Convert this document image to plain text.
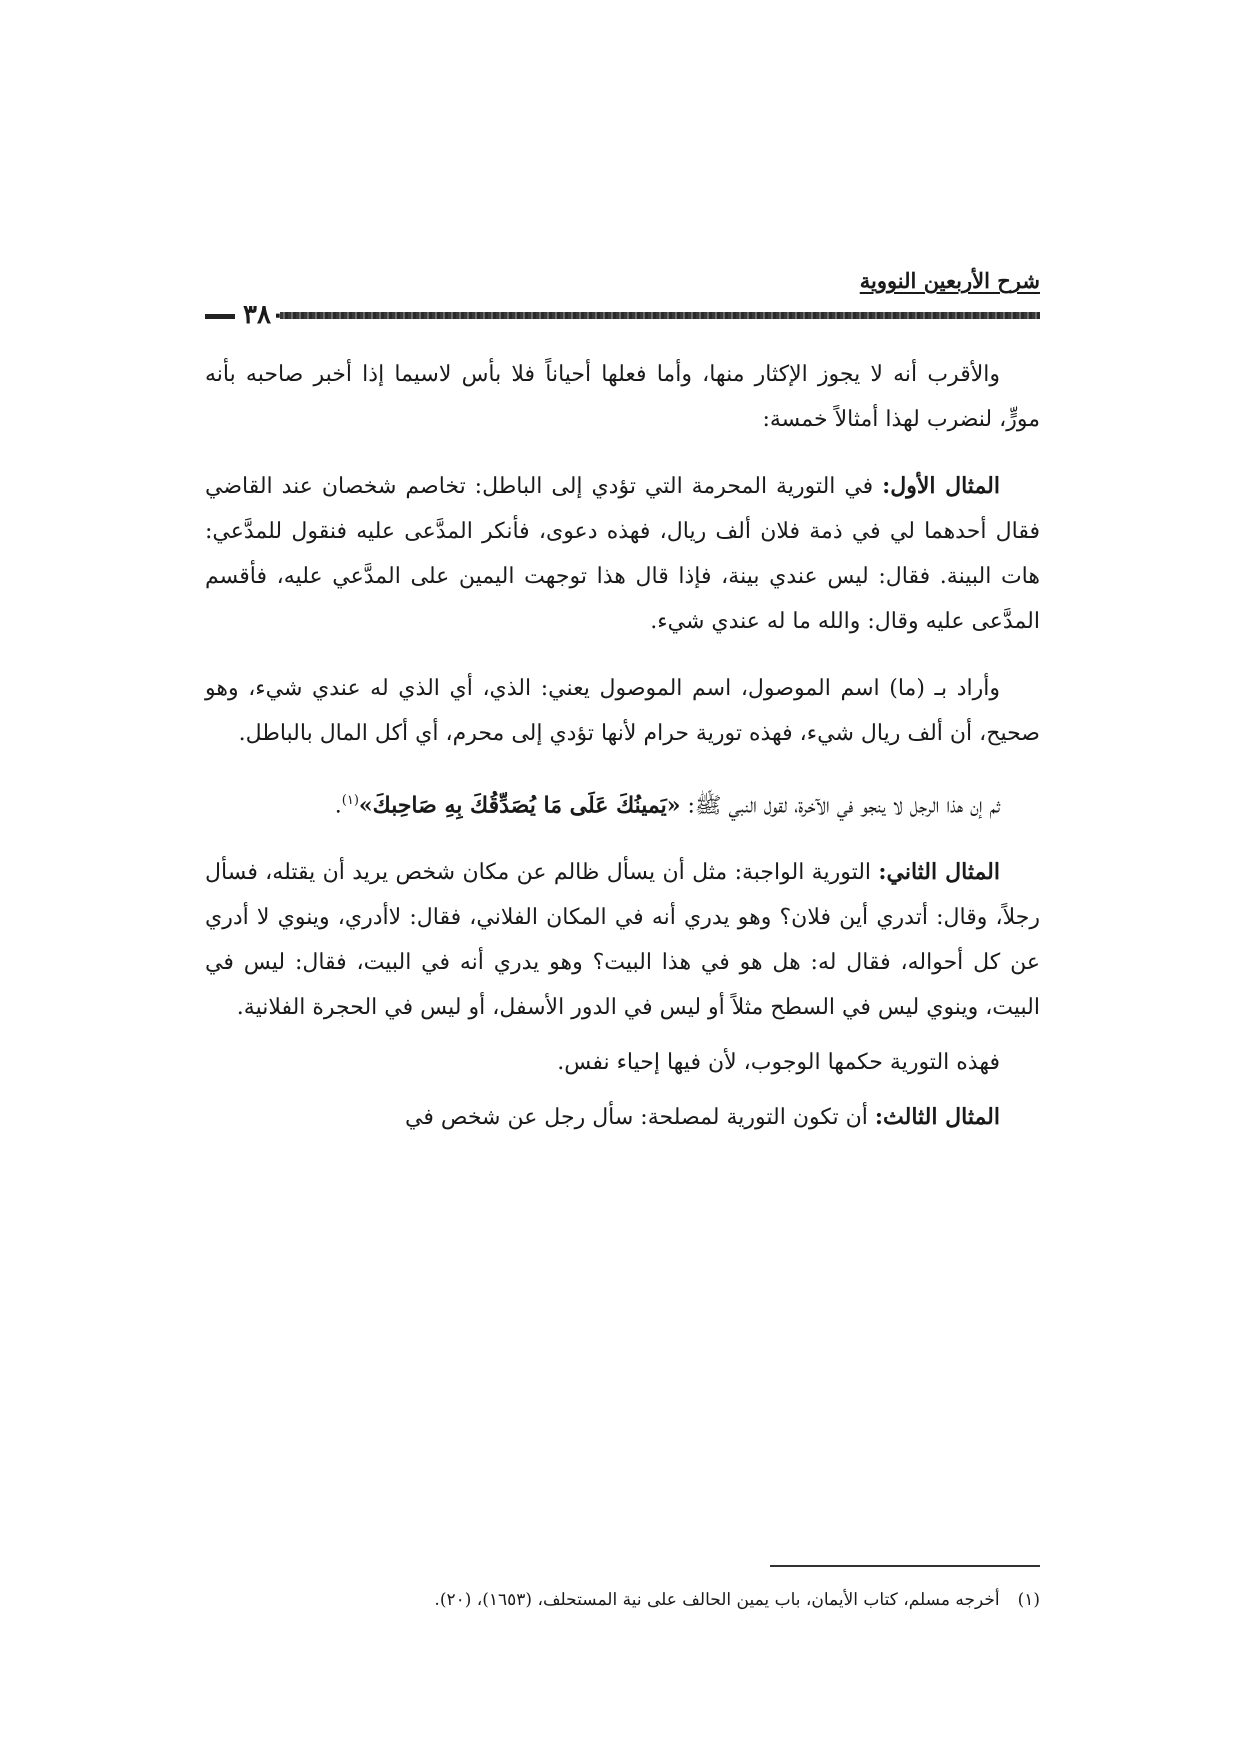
شرح الأربعين النووية
٣٨٠

والأقرب أنه لا يجوز الإكثار منها، وأما فعلها أحياناً فلا بأس لاسيما إذا أخبر صاحبه بأنه مورٍّ، لنضرب لهذا أمثالاً خمسة:

المثال الأول: في التورية المحرمة التي تؤدي إلى الباطل: تخاصم شخصان عند القاضي فقال أحدهما لي في ذمة فلان ألف ريال، فهذه دعوى، فأنكر المدَّعى عليه فنقول للمدَّعي: هات البينة. فقال: ليس عندي بينة، فإذا قال هذا توجهت اليمين على المدَّعي عليه، فأقسم المدَّعى عليه وقال: والله ما له عندي شيء.

وأراد بـ (ما) اسم الموصول، اسم الموصول يعني: الذي، أي الذي له عندي شيء، وهو صحيح، أن ألف ريال شيء، فهذه تورية حرام لأنها تؤدي إلى محرم، أي أكل المال بالباطل.

ثم إن هذا الرجل لا ينجو في الآخرة، لقول النبي ﷺ: «يَمينُكَ عَلَى مَا يُصَدِّقُكَ بِهِ صَاحِبكَ»$^{(١)}$.

المثال الثاني: التورية الواجبة: مثل أن يسأل ظالم عن مكان شخص يريد أن يقتله، فسأل رجلاً، وقال: أتدري أين فلان؟ وهو يدري أنه في المكان الفلاني، فقال: لاأدري، وينوي لا أدري عن كل أحواله، فقال له: هل هو في هذا البيت؟ وهو يدري أنه في البيت، فقال: ليس في البيت، وينوي ليس في السطح مثلاً أو ليس في الدور الأسفل، أو ليس في الحجرة الفلانية.

فهذه التورية حكمها الوجوب، لأن فيها إحياء نفس.

المثال الثالث: أن تكون التورية لمصلحة: سأل رجل عن شخص في

(١)أخرجه مسلم، كتاب الأيمان، باب يمين الحالف على نية المستحلف، (١٦٥٣)، (٢٠).
